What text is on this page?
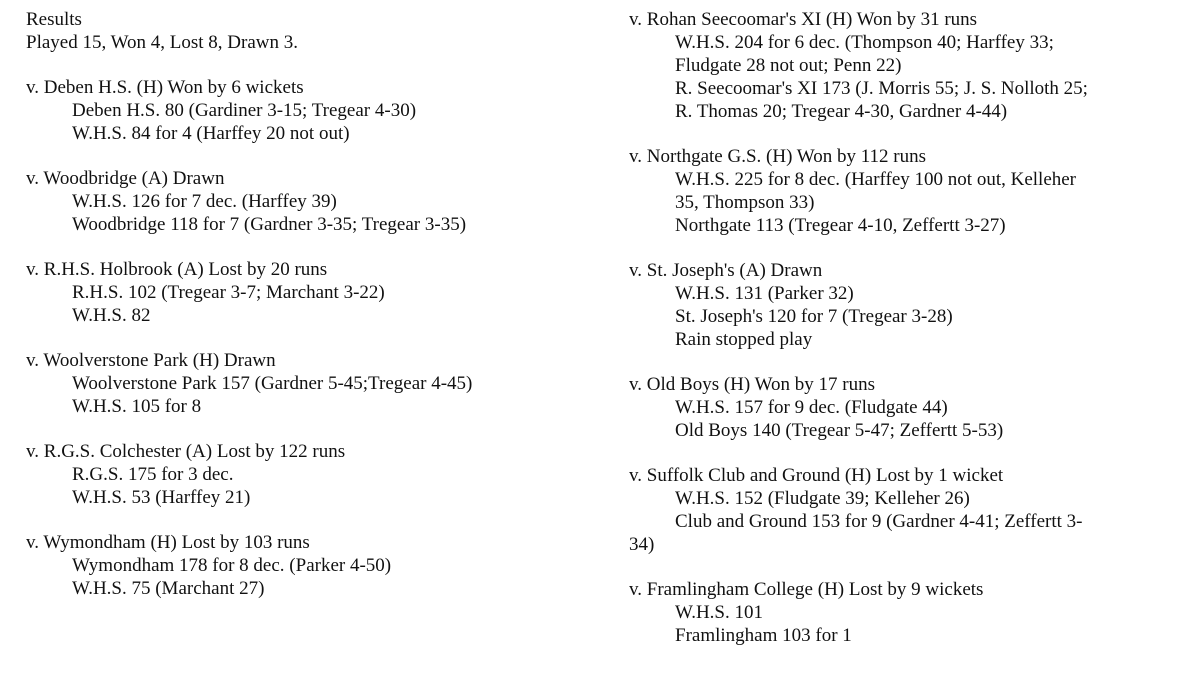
Results

Played 15, Won 4, Lost 8, Drawn 3.

v. Deben H.S. (H) Won by 6 wickets

Deben H.S. 80 (Gardiner 3-15; Tregear 4-30)

W.H.S. 84 for 4 (Harffey 20 not out)

v. Woodbridge (A) Drawn

W.H.S. 126 for 7 dec. (Harffey 39)

Woodbridge 118 for 7 (Gardner 3-35; Tregear 3-35)

v. R.H.S. Holbrook (A) Lost by 20 runs

R.H.S. 102 (Tregear 3-7; Marchant 3-22)

W.H.S. 82

v. Woolverstone Park (H) Drawn

Woolverstone Park 157 (Gardner 5-45;Tregear 4-45)

W.H.S. 105 for 8

v. R.G.S. Colchester (A) Lost by 122 runs

R.G.S. 175 for 3 dec.

W.H.S. 53 (Harffey 21)

v. Wymondham (H) Lost by 103 runs

Wymondham 178 for 8 dec. (Parker 4-50)

W.H.S. 75 (Marchant 27)

v. Rohan Seecoomar's XI (H) Won by 31 runs

W.H.S. 204 for 6 dec. (Thompson 40; Harffey 33;

Fludgate 28 not out; Penn 22)

R. Seecoomar's XI 173 (J. Morris 55; J. S. Nolloth 25;

R. Thomas 20; Tregear 4-30, Gardner 4-44)

v. Northgate G.S. (H) Won by 112 runs

W.H.S. 225 for 8 dec. (Harffey 100 not out, Kelleher

35, Thompson 33)

Northgate 113 (Tregear 4-10, Zeffertt 3-27)

v. St. Joseph's (A) Drawn

W.H.S. 131 (Parker 32)

St. Joseph's 120 for 7 (Tregear 3-28)

Rain stopped play

v. Old Boys (H) Won by 17 runs

W.H.S. 157 for 9 dec. (Fludgate 44)

Old Boys 140 (Tregear 5-47; Zeffertt 5-53)

v. Suffolk Club and Ground (H) Lost by 1 wicket

W.H.S. 152 (Fludgate 39; Kelleher 26)

Club and Ground 153 for 9 (Gardner 4-41; Zeffertt 3-

34)

v. Framlingham College (H) Lost by 9 wickets

W.H.S. 101

Framlingham 103 for 1
